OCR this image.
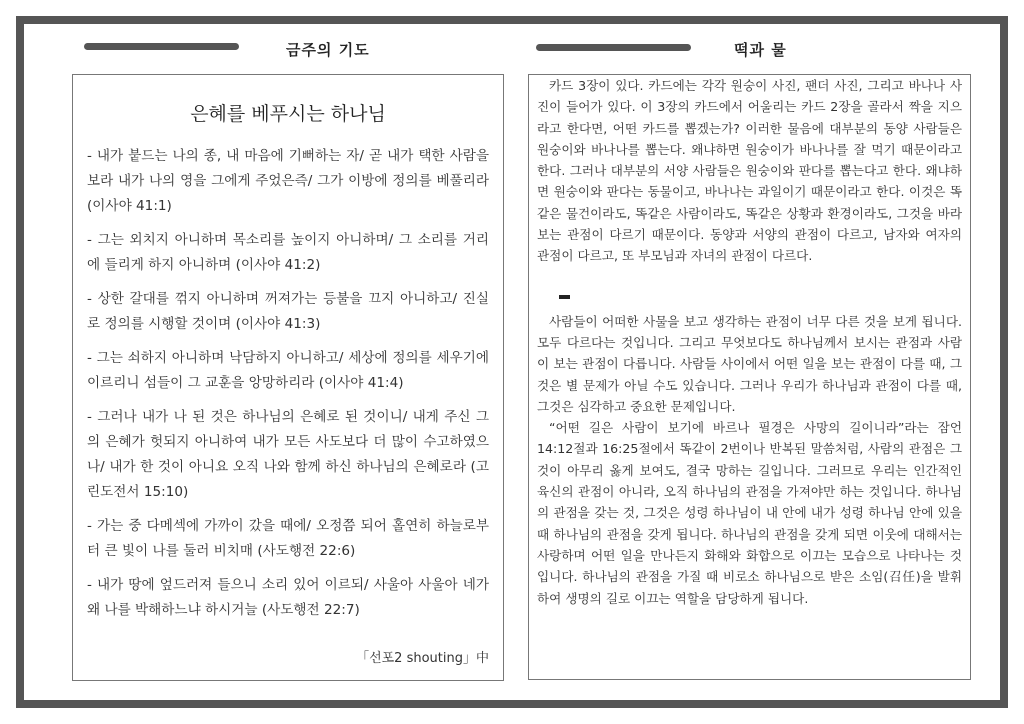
금주의 기도	떡과 물
은혜를 베푸시는 하나님

- 내가 붙드는 나의 종, 내 마음에 기뻐하는 자/ 곧 내가 택한 사람을 보라 내가 나의 영을 그에게 주었은즉/ 그가 이방에 정의를 베풀리라 (이사야 41:1)

- 그는 외치지 아니하며 목소리를 높이지 아니하며/ 그 소리를 거리에 들리게 하지 아니하며 (이사야 41:2)

- 상한 갈대를 꺾지 아니하며 꺼져가는 등불을 끄지 아니하고/ 진실로 정의를 시행할 것이며 (이사야 41:3)

- 그는 쇠하지 아니하며 낙담하지 아니하고/ 세상에 정의를 세우기에 이르리니 섬들이 그 교훈을 앙망하리라 (이사야 41:4)

- 그러나 내가 나 된 것은 하나님의 은혜로 된 것이니/ 내게 주신 그의 은혜가 헛되지 아니하여 내가 모든 사도보다 더 많이 수고하였으나/ 내가 한 것이 아니요 오직 나와 함께 하신 하나님의 은혜로라 (고린도전서 15:10)

- 가는 중 다메섹에 가까이 갔을 때에/ 오정쯤 되어 홀연히 하늘로부터 큰 빛이 나를 둘러 비치매 (사도행전 22:6)

- 내가 땅에 엎드러져 들으니 소리 있어 이르되/ 사울아 사울아 네가 왜 나를 박해하느냐 하시거늘 (사도행전 22:7)

「선포2 shouting」中

카드 3장이 있다. 카드에는 각각 원숭이 사진, 팬더 사진, 그리고 바나나 사진이 들어가 있다. 이 3장의 카드에서 어울리는 카드 2장을 골라서 짝을 지으라고 한다면, 어떤 카드를 뽑겠는가? 이러한 물음에 대부분의 동양 사람들은 원숭이와 바나나를 뽑는다. 왜냐하면 원숭이가 바나나를 잘 먹기 때문이라고 한다. 그러나 대부분의 서양 사람들은 원숭이와 판다를 뽑는다고 한다. 왜냐하면 원숭이와 판다는 동물이고, 바나나는 과일이기 때문이라고 한다. 이것은 똑같은 물건이라도, 똑같은 사람이라도, 똑같은 상황과 환경이라도, 그것을 바라보는 관점이 다르기 때문이다. 동양과 서양의 관점이 다르고, 남자와 여자의 관점이 다르고, 또 부모님과 자녀의 관점이 다르다.

사람들이 어떠한 사물을 보고 생각하는 관점이 너무 다른 것을 보게 됩니다. 모두 다르다는 것입니다. 그리고 무엇보다도 하나님께서 보시는 관점과 사람이 보는 관점이 다릅니다. 사람들 사이에서 어떤 일을 보는 관점이 다를 때, 그것은 별 문제가 아닐 수도 있습니다. 그러나 우리가 하나님과 관점이 다를 때, 그것은 심각하고 중요한 문제입니다.

“어떤 길은 사람이 보기에 바르나 필경은 사망의 길이니라”라는 잠언 14:12절과 16:25절에서 똑같이 2번이나 반복된 말씀처럼, 사람의 관점은 그것이 아무리 옳게 보여도, 결국 망하는 길입니다. 그러므로 우리는 인간적인 육신의 관점이 아니라, 오직 하나님의 관점을 가져야만 하는 것입니다. 하나님의 관점을 갖는 것, 그것은 성령 하나님이 내 안에 내가 성령 하나님 안에 있을 때 하나님의 관점을 갖게 됩니다. 하나님의 관점을 갖게 되면 이웃에 대해서는 사랑하며 어떤 일을 만나든지 화해와 화합으로 이끄는 모습으로 나타나는 것입니다. 하나님의 관점을 가질 때 비로소 하나님으로 받은 소임(召任)을 발휘하여 생명의 길로 이끄는 역할을 담당하게 됩니다.
